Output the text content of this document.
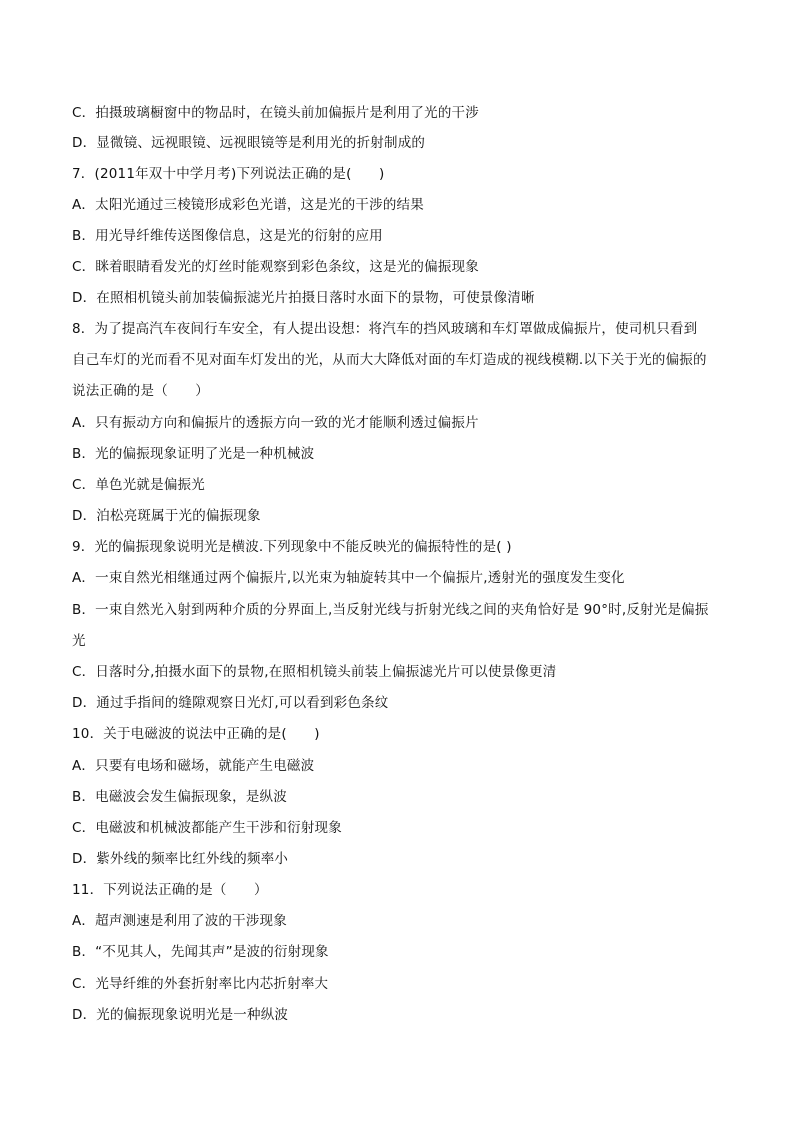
C．拍摄玻璃橱窗中的物品时，在镜头前加偏振片是利用了光的干涉
D．显微镜、远视眼镜、远视眼镜等是利用光的折射制成的
7．(2011年双十中学月考)下列说法正确的是(　　)
A．太阳光通过三棱镜形成彩色光谱，这是光的干涉的结果
B．用光导纤维传送图像信息，这是光的衍射的应用
C．眯着眼睛看发光的灯丝时能观察到彩色条纹，这是光的偏振现象
D．在照相机镜头前加装偏振滤光片拍摄日落时水面下的景物，可使景像清晰
8．为了提高汽车夜间行车安全，有人提出设想：将汽车的挡风玻璃和车灯罩做成偏振片，使司机只看到
自己车灯的光而看不见对面车灯发出的光，从而大大降低对面的车灯造成的视线模糊.以下关于光的偏振的
说法正确的是（　　）
A．只有振动方向和偏振片的透振方向一致的光才能顺利透过偏振片
B．光的偏振现象证明了光是一种机械波
C．单色光就是偏振光
D．泊松亮斑属于光的偏振现象
9．光的偏振现象说明光是横波.下列现象中不能反映光的偏振特性的是( )
A．一束自然光相继通过两个偏振片,以光束为轴旋转其中一个偏振片,透射光的强度发生变化
B．一束自然光入射到两种介质的分界面上,当反射光线与折射光线之间的夹角恰好是 90°时,反射光是偏振
光
C．日落时分,拍摄水面下的景物,在照相机镜头前装上偏振滤光片可以使景像更清
D．通过手指间的缝隙观察日光灯,可以看到彩色条纹
10．关于电磁波的说法中正确的是(　　)
A．只要有电场和磁场，就能产生电磁波
B．电磁波会发生偏振现象，是纵波
C．电磁波和机械波都能产生干涉和衍射现象
D．紫外线的频率比红外线的频率小
11．下列说法正确的是（　　）
A．超声测速是利用了波的干涉现象
B．“不见其人，先闻其声”是波的衍射现象
C．光导纤维的外套折射率比内芯折射率大
D．光的偏振现象说明光是一种纵波
